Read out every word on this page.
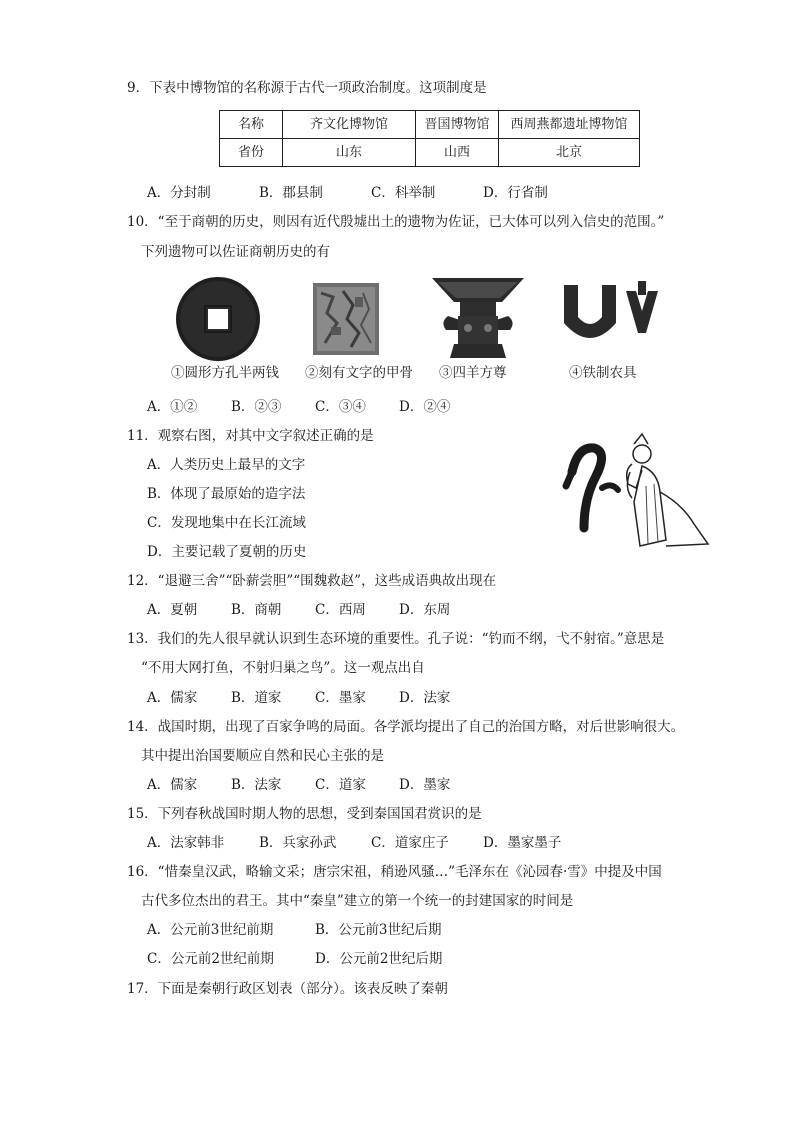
9．下表中博物馆的名称源于古代一项政治制度。这项制度是
名称	齐文化博物馆	晋国博物馆	西周燕都遗址博物馆
省份	山东	山西	北京
A．分封制	B．郡县制	C．科举制	D．行省制
10．“至于商朝的历史，则因有近代殷墟出土的遗物为佐证，已大体可以列入信史的范围。”
下列遗物可以佐证商朝历史的有
①圆形方孔半两钱 ②刻有文字的甲骨 ③四羊方尊	④铁制农具
A．①②	B．②③ C．③④ D．②④
11．观察右图，对其中文字叙述正确的是
A．人类历史上最早的文字
B．体现了最原始的造字法
C．发现地集中在长江流域
D．主要记载了夏朝的历史
12．“退避三舍”“卧薪尝胆”“围魏救赵”，这些成语典故出现在
A．夏朝	B．商朝 C．西周 D．东周
13．我们的先人很早就认识到生态环境的重要性。孔子说：“钓而不纲，弋不射宿。”意思是
“不用大网打鱼，不射归巢之鸟”。这一观点出自
A．儒家	B．道家 C．墨家 D．法家
14．战国时期，出现了百家争鸣的局面。各学派均提出了自己的治国方略，对后世影响很大。
其中提出治国要顺应自然和民心主张的是
A．儒家	B．法家 C．道家 D．墨家
15．下列春秋战国时期人物的思想，受到秦国国君赏识的是
A．法家韩非	B．兵家孙武	C．道家庄子	D．墨家墨子
16．“惜秦皇汉武，略输文采；唐宗宋祖，稍逊风骚…”毛泽东在《沁园春·雪》中提及中国
古代多位杰出的君王。其中“秦皇”建立的第一个统一的封建国家的时间是
A．公元前3世纪前期	B．公元前3世纪后期
C．公元前2世纪前期	D．公元前2世纪后期
17．下面是秦朝行政区划表（部分）。该表反映了秦朝
